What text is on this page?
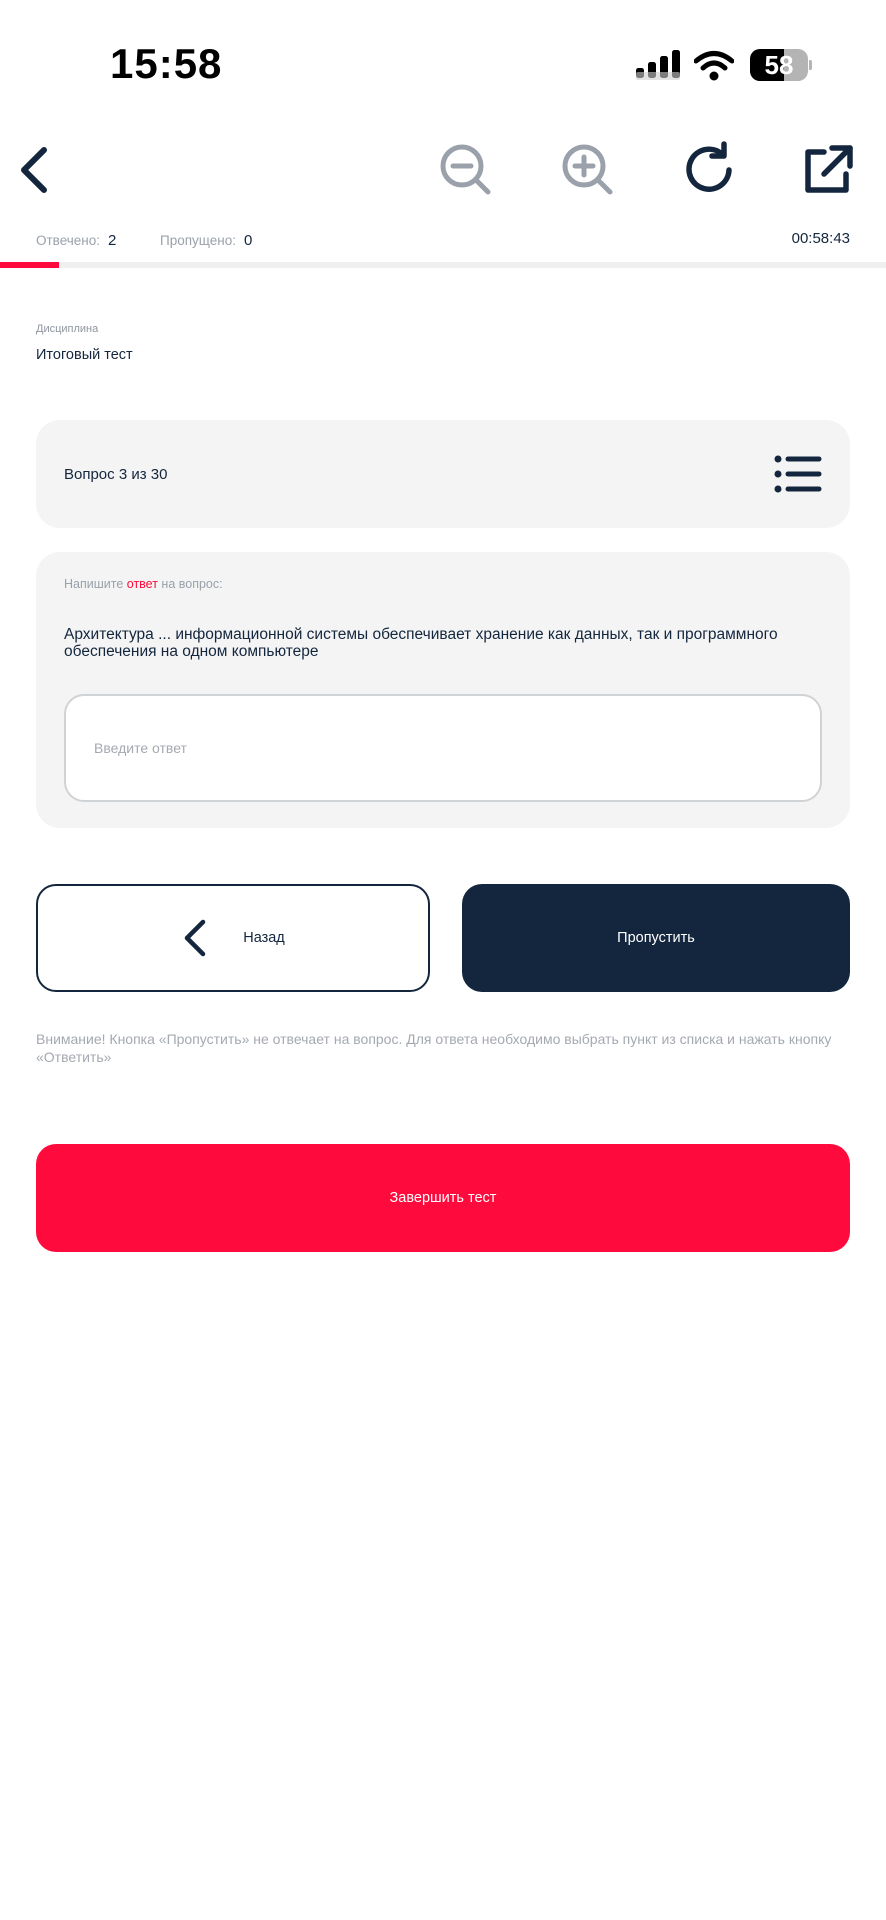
15:58	58
Отвечено: 2	Пропущено: 0	00:58:43
Дисциплина
Итоговый тест
Вопрос 3 из 30
Напишите ответ на вопрос:
Архитектура ... информационной системы обеспечивает хранение как данных, так и программного обеспечения на одном компьютере
Введите ответ
Назад	Пропустить
Внимание! Кнопка «Пропустить» не отвечает на вопрос. Для ответа необходимо выбрать пункт из списка и нажать кнопку «Ответить»
Завершить тест
